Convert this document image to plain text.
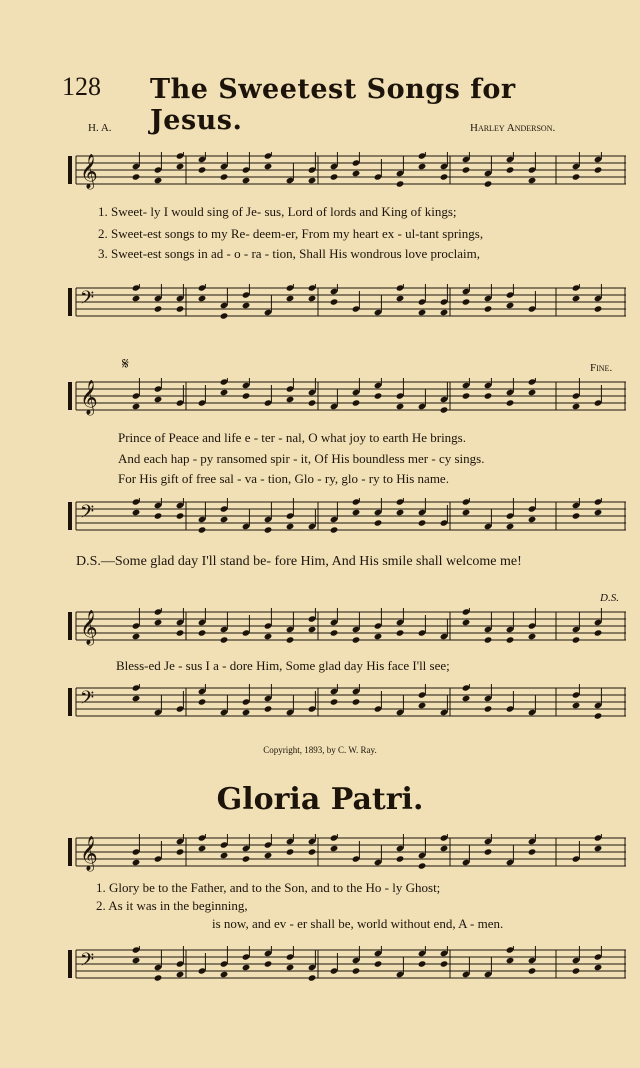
128 The Sweetest Songs for Jesus.
H. A.	Harley Anderson.
𝄞
1. Sweet- ly I would sing of Je- sus, Lord of lords and King of kings;
2. Sweet-est songs to my Re- deem-er, From my heart ex - ul-tant springs,
3. Sweet-est songs in ad - o - ra - tion, Shall His wondrous love proclaim,
𝄢
𝄋	Fine.
𝄞
Prince of Peace and life e - ter - nal, O what joy to earth He brings.
And each hap - py ransomed spir - it, Of His boundless mer - cy sings.
For His gift of free sal - va - tion, Glo - ry, glo - ry to His name.
𝄢
D.S.—Some glad day I'll stand be- fore Him, And His smile shall welcome me!
D.S.
𝄞
Bless-ed Je - sus I a - dore Him, Some glad day His face I'll see;
𝄢
Copyright, 1893, by C. W. Ray.
Gloria Patri.
𝄞
1. Glory be to the Father, and to the Son, and to the Ho - ly Ghost;
2. As it was in the beginning,
is now, and ev - er shall be, world without end, A - men.
𝄢
